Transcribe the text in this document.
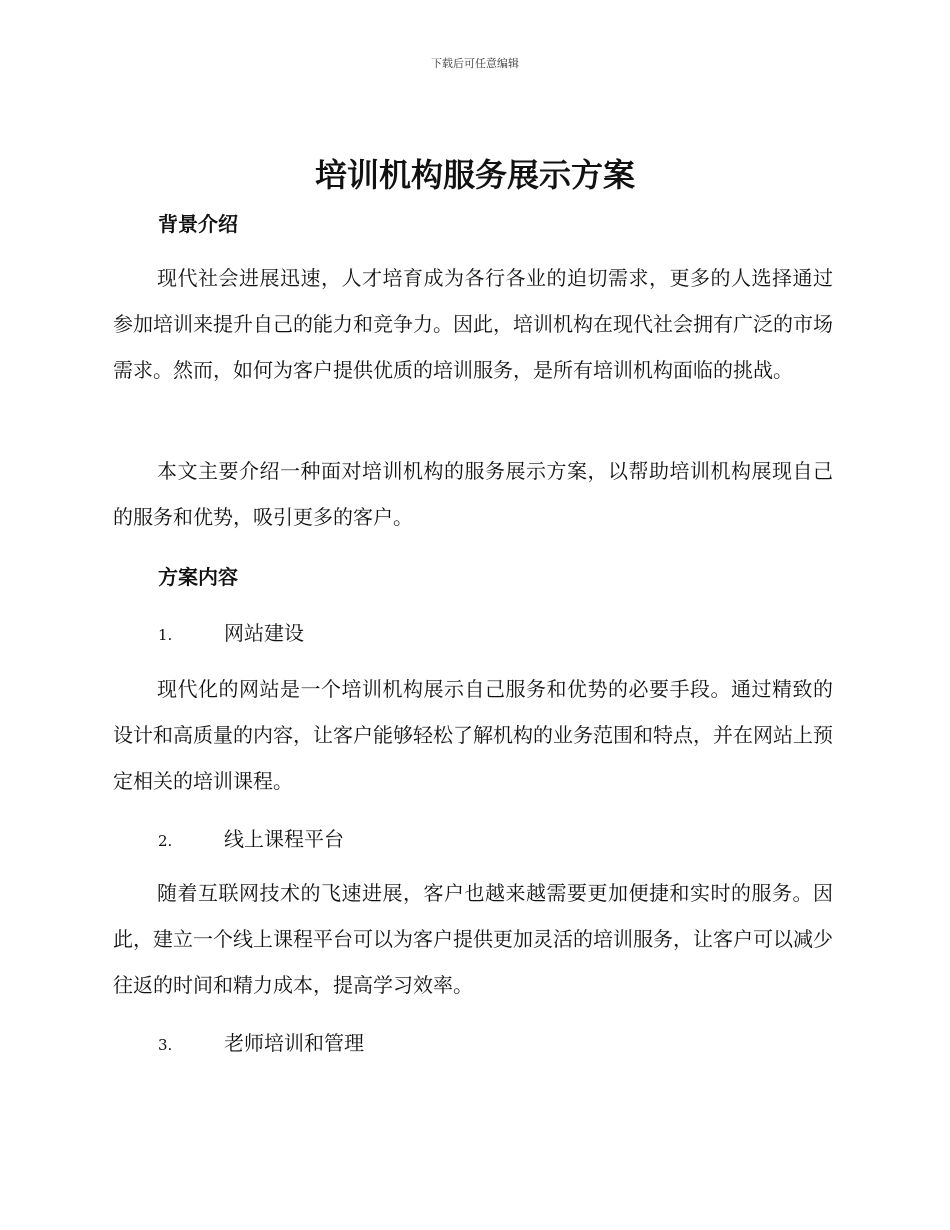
下载后可任意编辑
培训机构服务展示方案
背景介绍

现代社会进展迅速，人才培育成为各行各业的迫切需求，更多的人选择通过参加培训来提升自己的能力和竞争力。因此，培训机构在现代社会拥有广泛的市场需求。然而，如何为客户提供优质的培训服务，是所有培训机构面临的挑战。

本文主要介绍一种面对培训机构的服务展示方案，以帮助培训机构展现自己的服务和优势，吸引更多的客户。

方案内容
1.	网站建设

现代化的网站是一个培训机构展示自己服务和优势的必要手段。通过精致的设计和高质量的内容，让客户能够轻松了解机构的业务范围和特点，并在网站上预定相关的培训课程。

2.	线上课程平台

随着互联网技术的飞速进展，客户也越来越需要更加便捷和实时的服务。因此，建立一个线上课程平台可以为客户提供更加灵活的培训服务，让客户可以减少往返的时间和精力成本，提高学习效率。

3.	老师培训和管理
